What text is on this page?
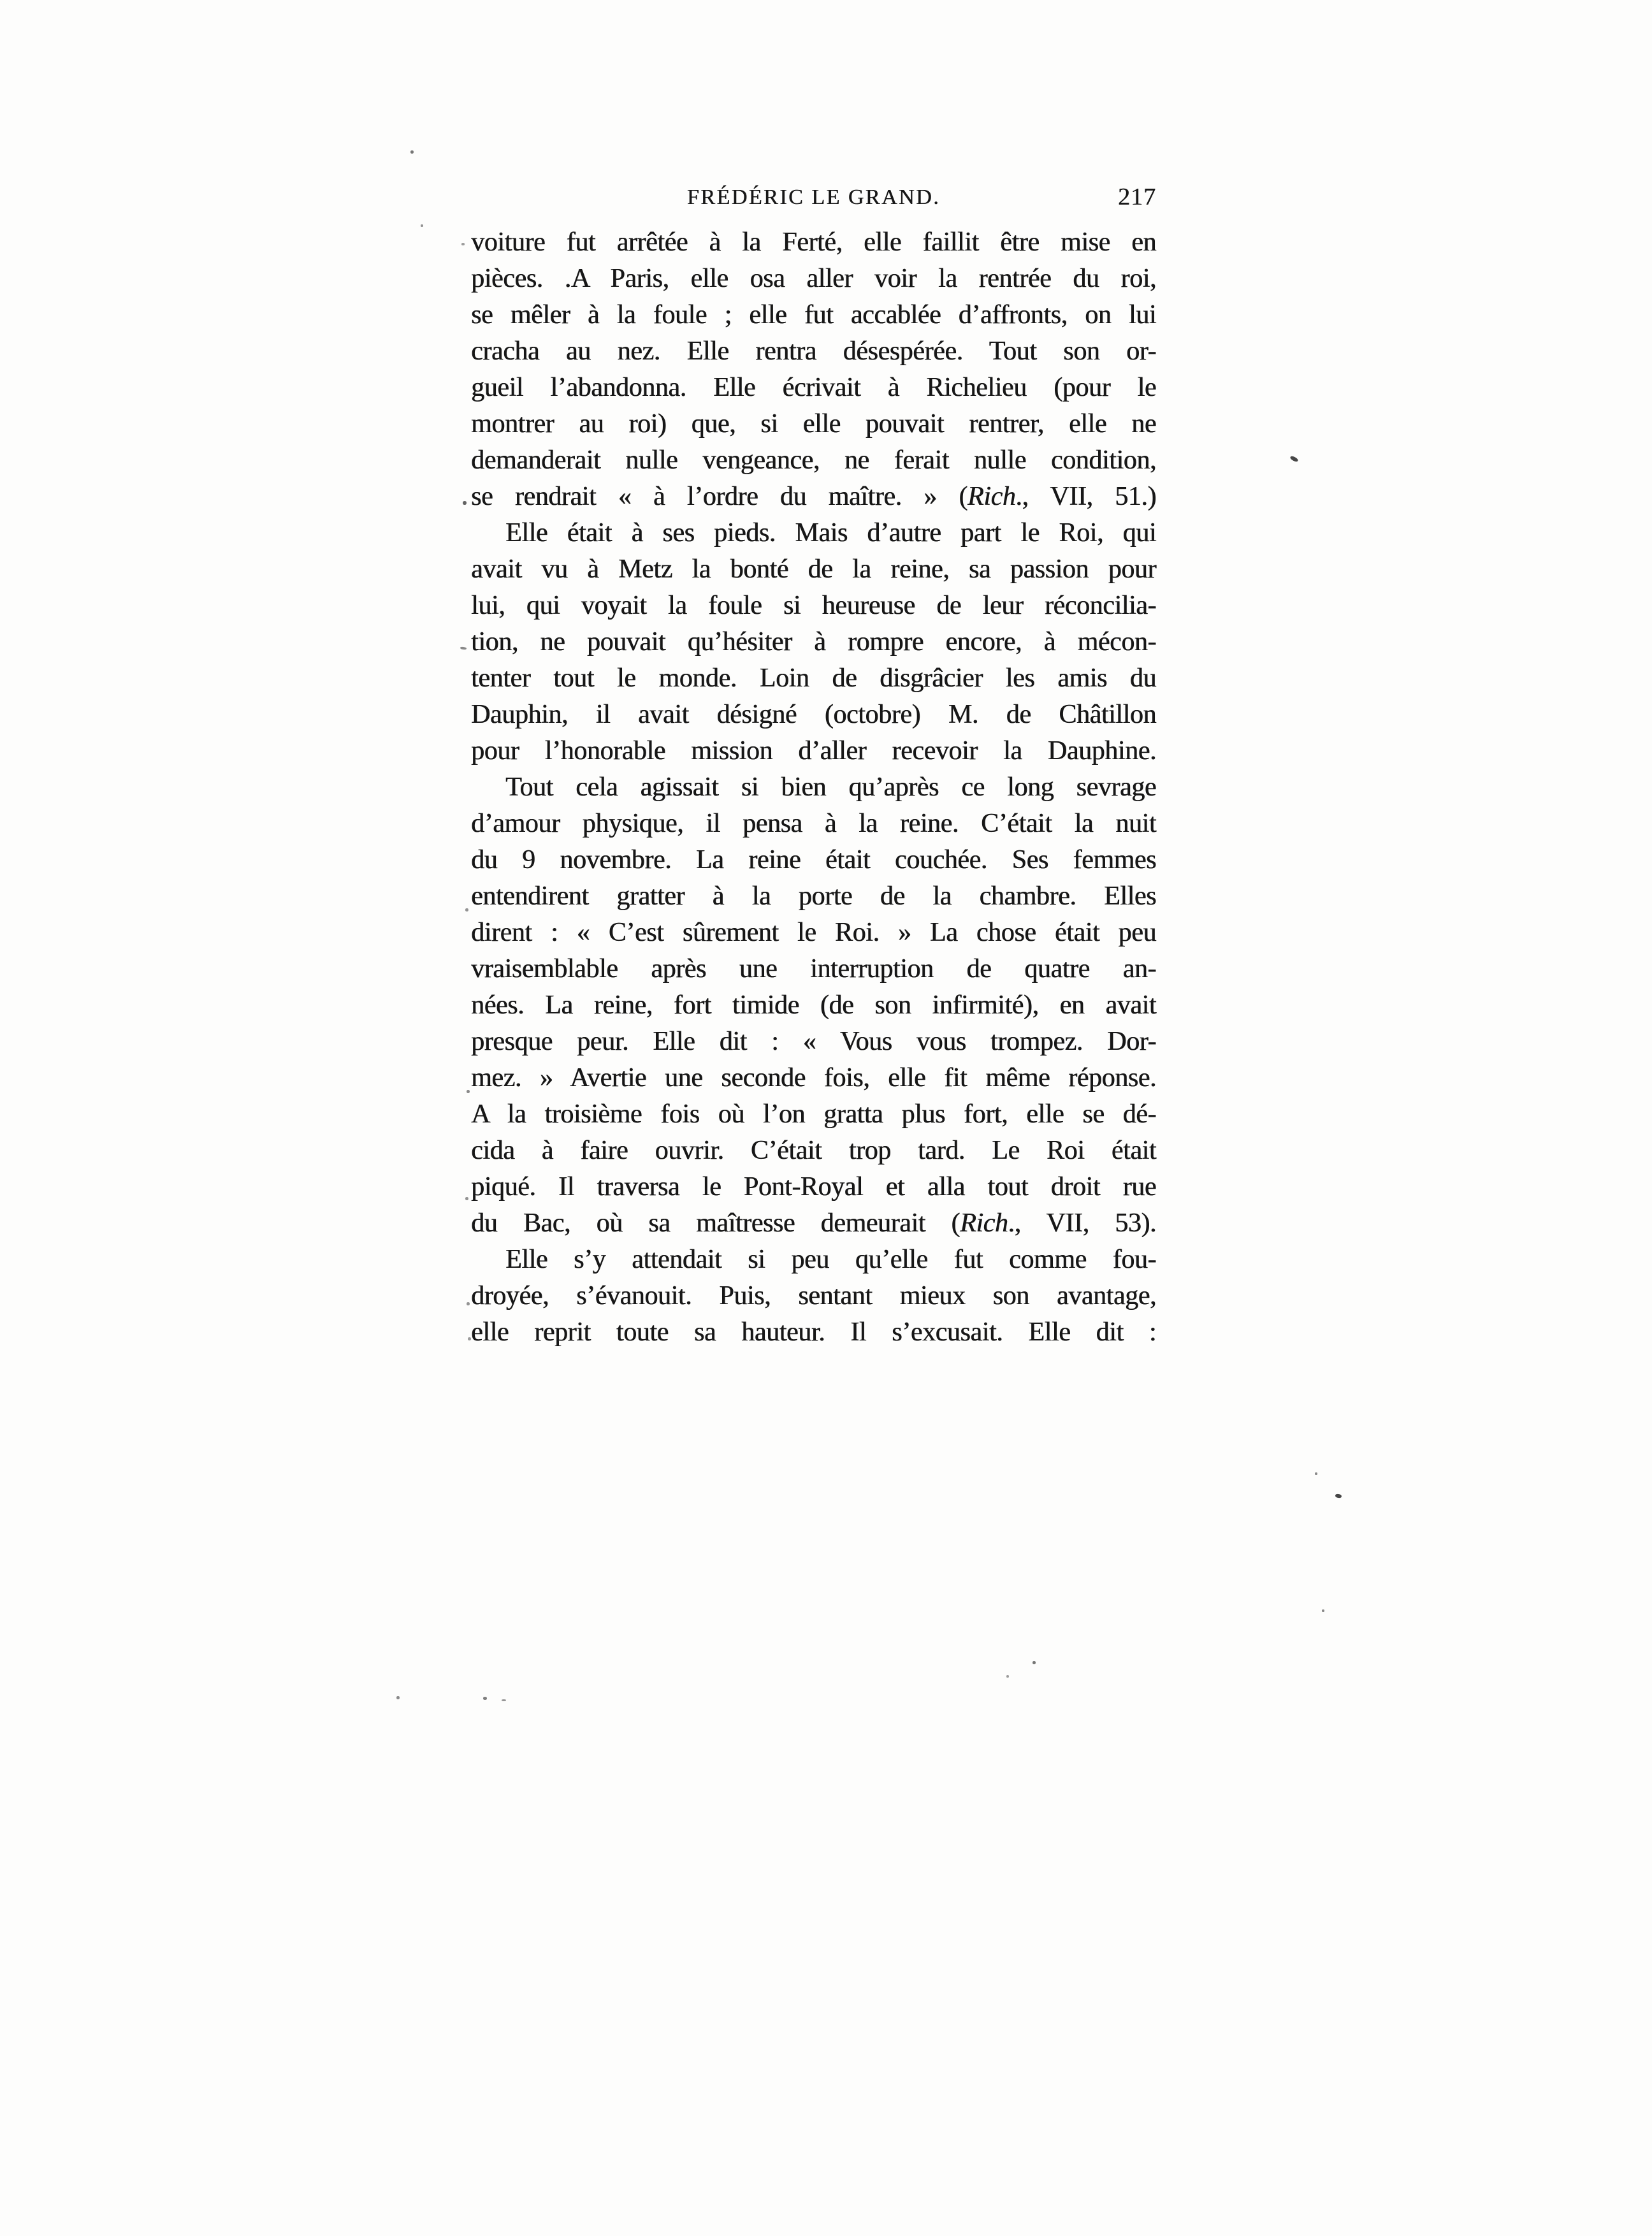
FRÉDÉRIC LE GRAND.	217
voiture fut arrêtée à la Ferté, elle faillit être mise en
pièces. .A Paris, elle osa aller voir la rentrée du roi,
se mêler à la foule ; elle fut accablée d’affronts, on lui
cracha au nez. Elle rentra désespérée. Tout son or-
gueil l’abandonna. Elle écrivait à Richelieu (pour le
montrer au roi) que, si elle pouvait rentrer, elle ne
demanderait nulle vengeance, ne ferait nulle condition,
se rendrait « à l’ordre du maître. » (Rich., VII, 51.)
Elle était à ses pieds. Mais d’autre part le Roi, qui
avait vu à Metz la bonté de la reine, sa passion pour
lui, qui voyait la foule si heureuse de leur réconcilia-
tion, ne pouvait qu’hésiter à rompre encore, à mécon-
tenter tout le monde. Loin de disgrâcier les amis du
Dauphin, il avait désigné (octobre) M. de Châtillon
pour l’honorable mission d’aller recevoir la Dauphine.
Tout cela agissait si bien qu’après ce long sevrage
d’amour physique, il pensa à la reine. C’était la nuit
du 9 novembre. La reine était couchée. Ses femmes
entendirent gratter à la porte de la chambre. Elles
dirent : « C’est sûrement le Roi. » La chose était peu
vraisemblable après une interruption de quatre an-
nées. La reine, fort timide (de son infirmité), en avait
presque peur. Elle dit : « Vous vous trompez. Dor-
mez. » Avertie une seconde fois, elle fit même réponse.
A la troisième fois où l’on gratta plus fort, elle se dé-
cida à faire ouvrir. C’était trop tard. Le Roi était
piqué. Il traversa le Pont-Royal et alla tout droit rue
du Bac, où sa maîtresse demeurait (Rich., VII, 53).
Elle s’y attendait si peu qu’elle fut comme fou-
droyée, s’évanouit. Puis, sentant mieux son avantage,
elle reprit toute sa hauteur. Il s’excusait. Elle dit :
